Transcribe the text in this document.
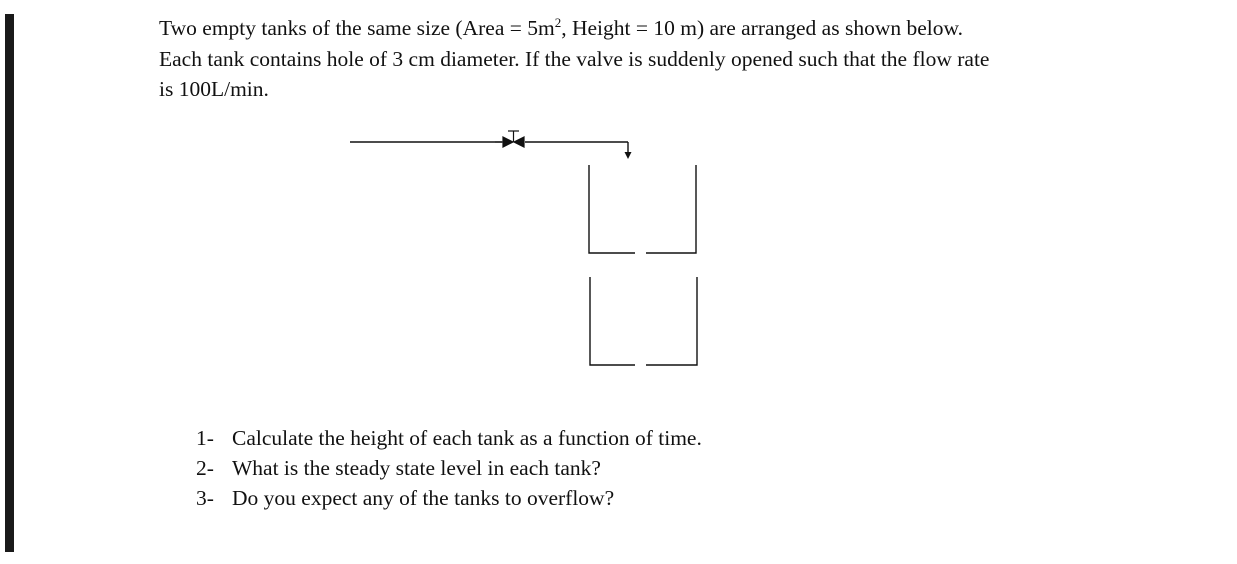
Two empty tanks of the same size (Area = $5m^2$, Height = 10 m) are arranged as shown below.
Each tank contains hole of 3 cm diameter. If the valve is suddenly opened such that the flow rate
is 100L/min.

1- Calculate the height of each tank as a function of time.
2- What is the steady state level in each tank?
3- Do you expect any of the tanks to overflow?
